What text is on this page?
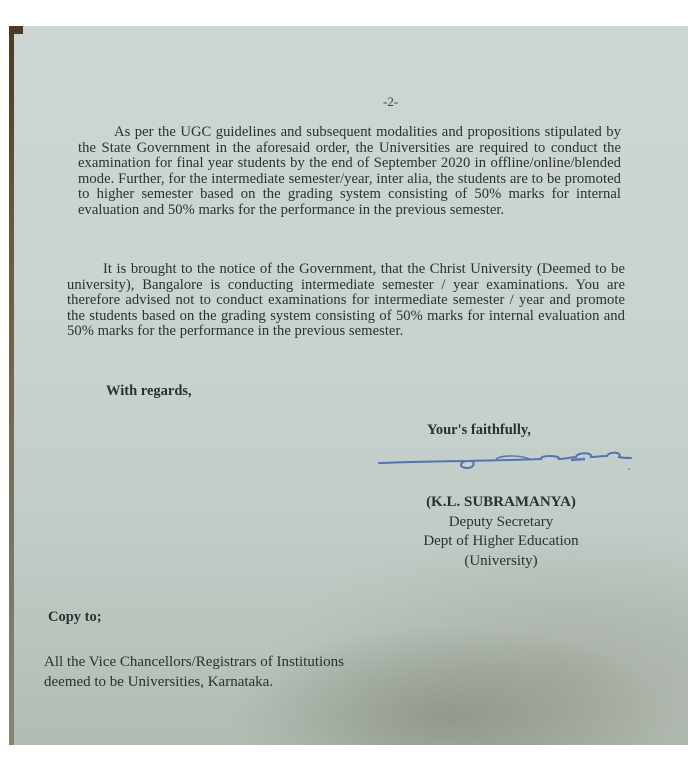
-2-

As per the UGC guidelines and subsequent modalities and propositions stipulated by the State Government in the aforesaid order, the Universities are required to conduct the examination for final year students by the end of September 2020 in offline/online/blended mode. Further, for the intermediate semester/year, inter alia, the students are to be promoted to higher semester based on the grading system consisting of 50% marks for internal evaluation and 50% marks for the performance in the previous semester.

It is brought to the notice of the Government, that the Christ University (Deemed to be university), Bangalore is conducting intermediate semester / year examinations. You are therefore advised not to conduct examinations for intermediate semester / year and promote the students based on the grading system consisting of 50% marks for internal evaluation and 50% marks for the performance in the previous semester.

With regards,
Your's faithfully,
(K.L. SUBRAMANYA)
Deputy Secretary
Dept of Higher Education
(University)
Copy to;
All the Vice Chancellors/Registrars of Institutions
deemed to be Universities, Karnataka.
